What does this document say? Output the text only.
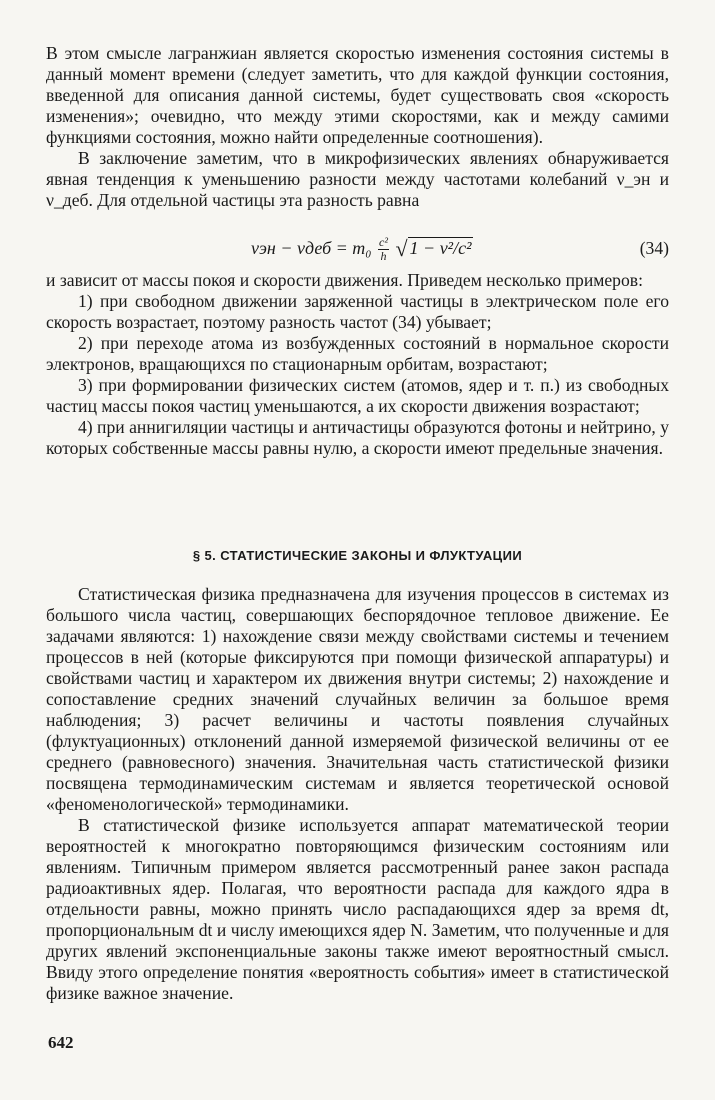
В этом смысле лагранжиан является скоростью изменения состояния системы в данный момент времени (следует заметить, что для каждой функции состояния, введенной для описания данной системы, будет существовать своя «скорость изменения»; очевидно, что между этими скоростями, как и между самими функциями состояния, можно найти определенные соотношения).

В заключение заметим, что в микрофизических явлениях обнаруживается явная тенденция к уменьшению разности между частотами колебаний ν_эн и ν_деб. Для отдельной частицы эта разность равна

$\nu эн - \nu деб = m_0 \frac{\text{c²}}{h}$ √ 1 − v²/c²	(34)

и зависит от массы покоя и скорости движения. Приведем несколько примеров:

1) при свободном движении заряженной частицы в электрическом поле его скорость возрастает, поэтому разность частот (34) убывает;

2) при переходе атома из возбужденных состояний в нормальное скорости электронов, вращающихся по стационарным орбитам, возрастают;

3) при формировании физических систем (атомов, ядер и т. п.) из свободных частиц массы покоя частиц уменьшаются, а их скорости движения возрастают;

4) при аннигиляции частицы и античастицы образуются фотоны и нейтрино, у которых собственные массы равны нулю, а скорости имеют предельные значения.

§ 5. СТАТИСТИЧЕСКИЕ ЗАКОНЫ И ФЛУКТУАЦИИ

Статистическая физика предназначена для изучения процессов в системах из большого числа частиц, совершающих беспорядочное тепловое движение. Ее задачами являются: 1) нахождение связи между свойствами системы и течением процессов в ней (которые фиксируются при помощи физической аппаратуры) и свойствами частиц и характером их движения внутри системы; 2) нахождение и сопоставление средних значений случайных величин за большое время наблюдения; 3) расчет величины и частоты появления случайных (флуктуационных) отклонений данной измеряемой физической величины от ее среднего (равновесного) значения. Значительная часть статистической физики посвящена термодинамическим системам и является теоретической основой «феноменологической» термодинамики.

В статистической физике используется аппарат математической теории вероятностей к многократно повторяющимся физическим состояниям или явлениям. Типичным примером является рассмотренный ранее закон распада радиоактивных ядер. Полагая, что вероятности распада для каждого ядра в отдельности равны, можно принять число распадающихся ядер за время dt, пропорциональным dt и числу имеющихся ядер N. Заметим, что полученные и для других явлений экспоненциальные законы также имеют вероятностный смысл. Ввиду этого определение понятия «вероятность события» имеет в статистической физике важное значение.

642
